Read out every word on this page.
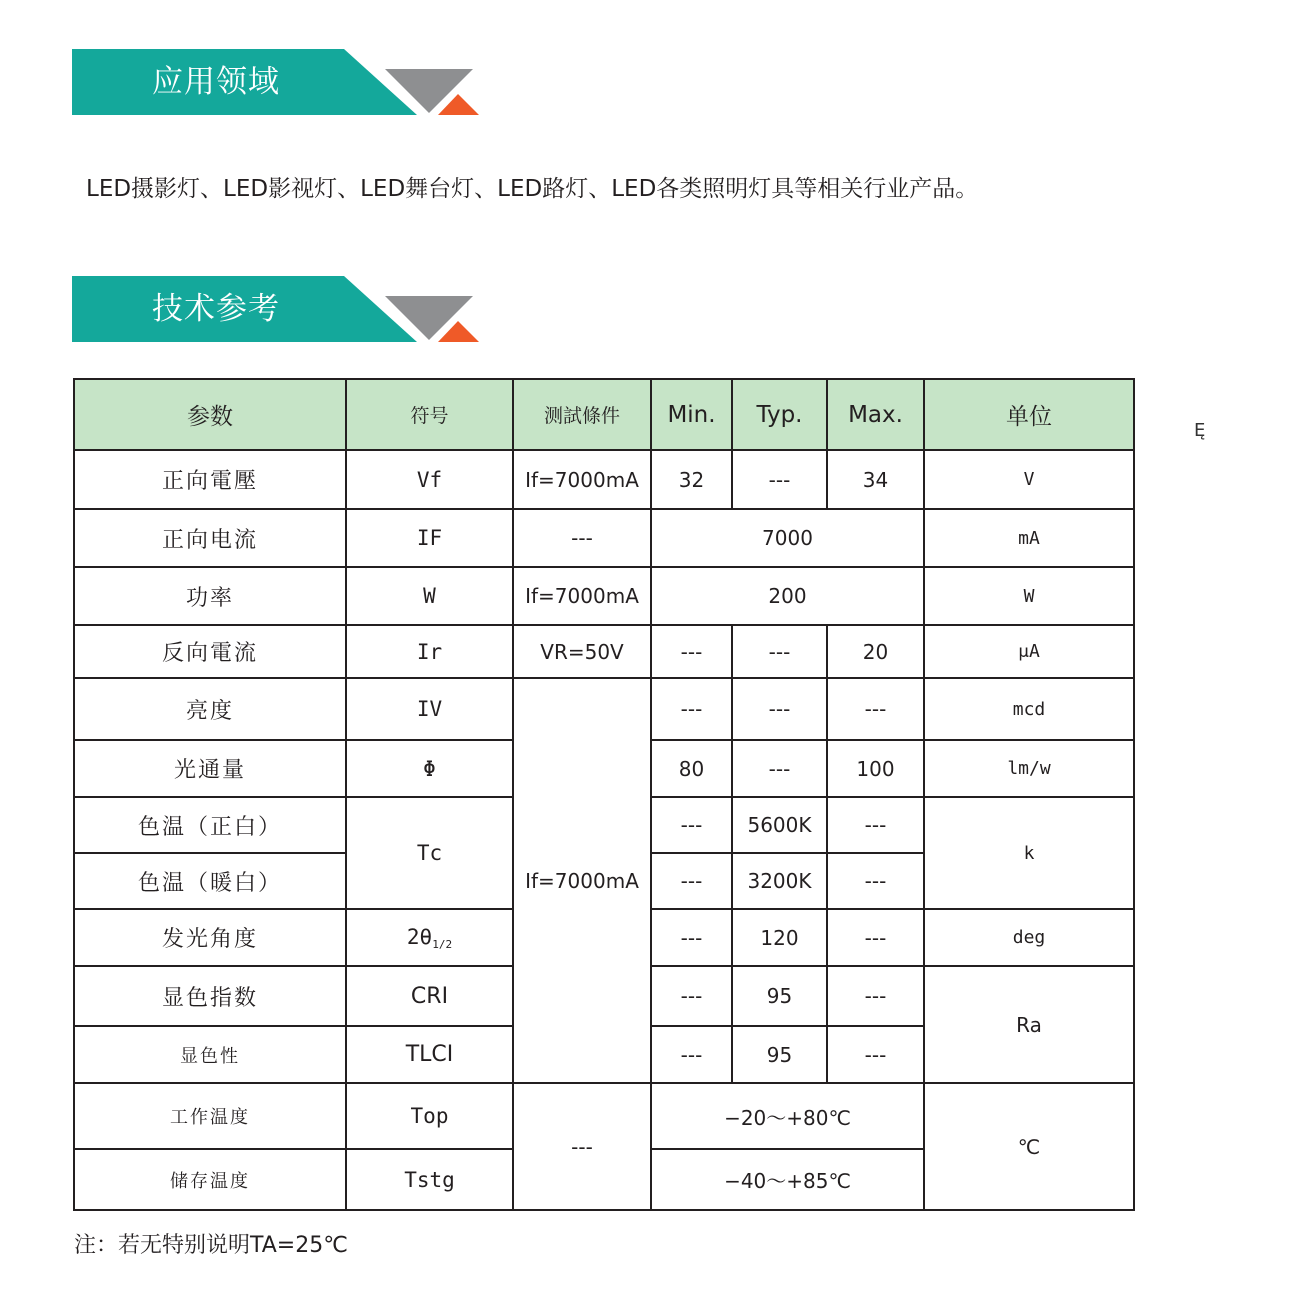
应用领域
LED摄影灯、LED影视灯、LED舞台灯、LED路灯、LED各类照明灯具等相关行业产品。
技术参考
Ę
参数	符号	测試條件	Min.	Typ.	Max.	单位
正向電壓	Vf	If=7000mA	32	---	34	V
正向电流	IF	---	7000			mA
功率	W	If=7000mA	200			W
反向電流	Ir	VR=50V	---	---	20	μA
亮度	IV	If=7000mA	---	---	---	mcd
光通量	Φ		80	---	100	lm/w
色温（正白）	Tc		---	5600K	---	k
色温（暖白）			---	3200K	---	
发光角度	$2\theta_{1/2}$		---	120	---	deg
显色指数	CRI		---	95	---	Ra
显色性	TLCI		---	95	---	
工作温度	Top	---	−20～+80℃			℃
储存温度	Tstg		−40～+85℃			
注：若无特别说明TA=25℃
